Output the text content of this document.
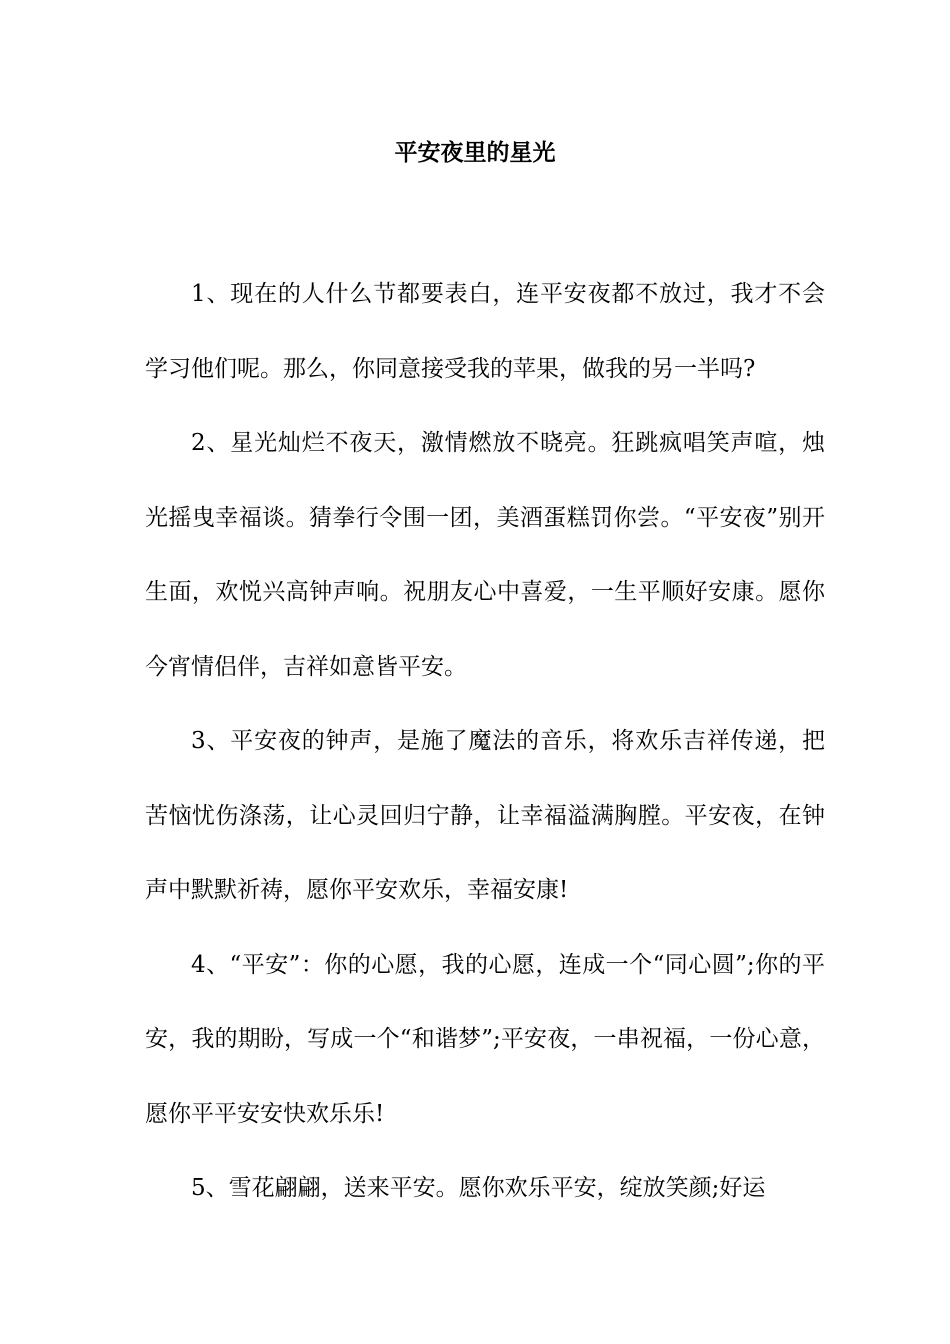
平安夜里的星光

1、现在的人什么节都要表白，连平安夜都不放过，我才不会学习他们呢。那么，你同意接受我的苹果，做我的另一半吗?

2、星光灿烂不夜天，激情燃放不晓亮。狂跳疯唱笑声喧，烛光摇曳幸福谈。猜拳行令围一团，美酒蛋糕罚你尝。“平安夜”别开生面，欢悦兴高钟声响。祝朋友心中喜爱，一生平顺好安康。愿你今宵情侣伴，吉祥如意皆平安。

3、平安夜的钟声，是施了魔法的音乐，将欢乐吉祥传递，把苦恼忧伤涤荡，让心灵回归宁静，让幸福溢满胸膛。平安夜，在钟声中默默祈祷，愿你平安欢乐，幸福安康!

4、“平安”：你的心愿，我的心愿，连成一个“同心圆”;你的平安，我的期盼，写成一个“和谐梦”;平安夜，一串祝福，一份心意，愿你平平安安快欢乐乐!

5、雪花翩翩，送来平安。愿你欢乐平安，绽放笑颜;好运
